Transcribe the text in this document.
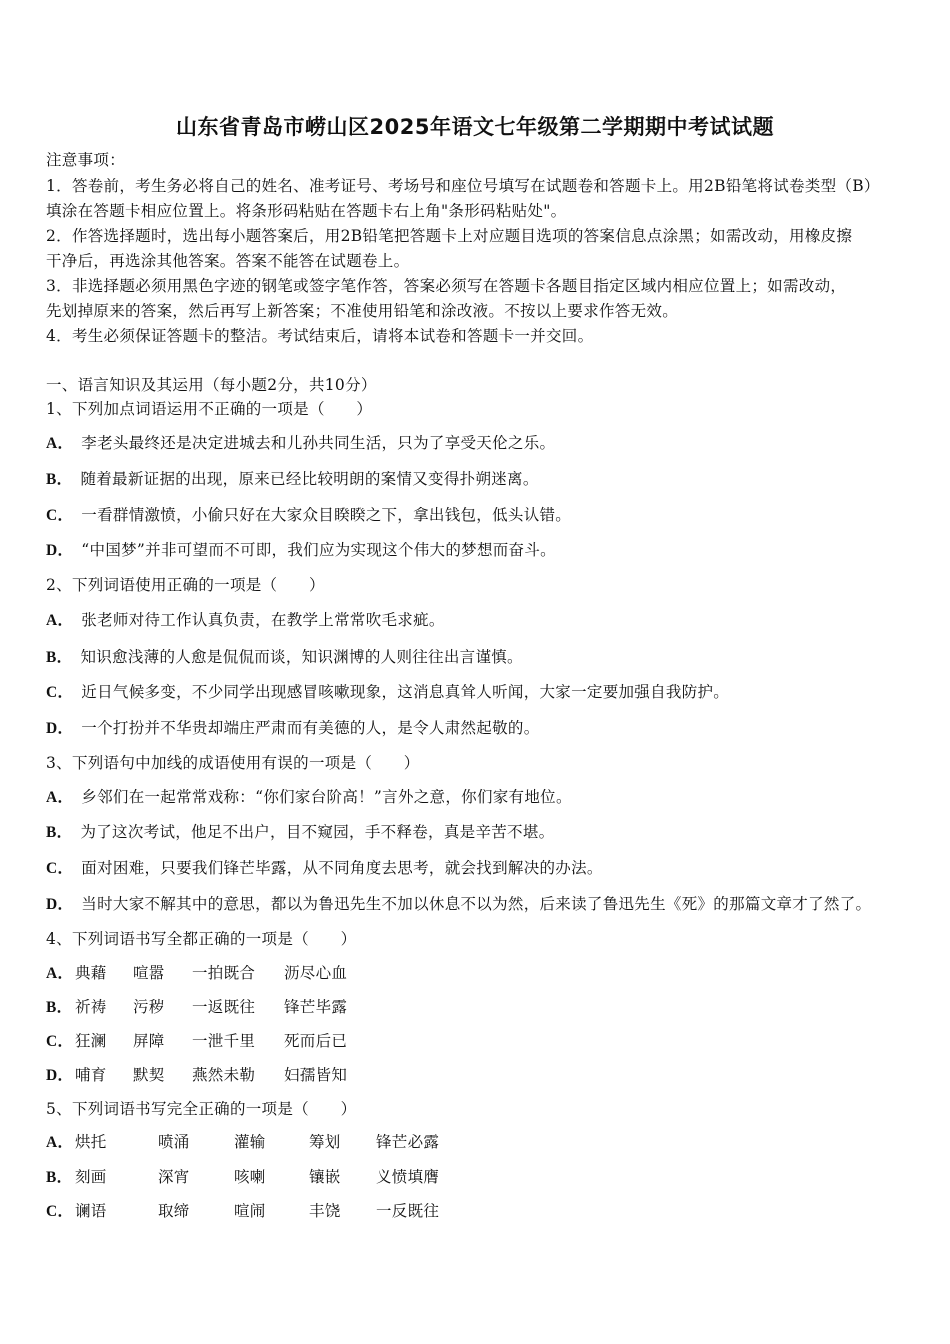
山东省青岛市崂山区2025年语文七年级第二学期期中考试试题
注意事项：
1．答卷前，考生务必将自己的姓名、准考证号、考场号和座位号填写在试题卷和答题卡上。用2B铅笔将试卷类型（B）
填涂在答题卡相应位置上。将条形码粘贴在答题卡右上角"条形码粘贴处"。
2．作答选择题时，选出每小题答案后，用2B铅笔把答题卡上对应题目选项的答案信息点涂黑；如需改动，用橡皮擦
干净后，再选涂其他答案。答案不能答在试题卷上。
3．非选择题必须用黑色字迹的钢笔或签字笔作答，答案必须写在答题卡各题目指定区域内相应位置上；如需改动，
先划掉原来的答案，然后再写上新答案；不准使用铅笔和涂改液。不按以上要求作答无效。
4．考生必须保证答题卡的整洁。考试结束后，请将本试卷和答题卡一并交回。
一、语言知识及其运用（每小题2分，共10分）
1、下列加点词语运用不正确的一项是（　　）
A． 李老头最终还是决定进城去和儿孙共同生活，只为了享受天伦之乐。
B． 随着最新证据的出现，原来已经比较明朗的案情又变得扑朔迷离。
C． 一看群情激愤，小偷只好在大家众目睽睽之下，拿出钱包，低头认错。
D． “中国梦”并非可望而不可即，我们应为实现这个伟大的梦想而奋斗。
2、下列词语使用正确的一项是（　　）
A． 张老师对待工作认真负责，在教学上常常吹毛求疵。
B． 知识愈浅薄的人愈是侃侃而谈，知识渊博的人则往往出言谨慎。
C． 近日气候多变，不少同学出现感冒咳嗽现象，这消息真耸人听闻，大家一定要加强自我防护。
D． 一个打扮并不华贵却端庄严肃而有美德的人，是令人肃然起敬的。
3、下列语句中加线的成语使用有误的一项是（　　）
A． 乡邻们在一起常常戏称：“你们家台阶高！”言外之意，你们家有地位。
B． 为了这次考试，他足不出户，目不窥园，手不释卷，真是辛苦不堪。
C． 面对困难，只要我们锋芒毕露，从不同角度去思考，就会找到解决的办法。
D． 当时大家不解其中的意思，都以为鲁迅先生不加以休息不以为然，后来读了鲁迅先生《死》的那篇文章才了然了。
4、下列词语书写全都正确的一项是（　　）
A． 典藉 喧嚣 一拍既合 沥尽心血
B． 祈祷 污秽 一返既往 锋芒毕露
C． 狂澜 屏障 一泄千里 死而后已
D． 哺育 默契 燕然未勒 妇孺皆知
5、下列词语书写完全正确的一项是（　　）
A． 烘托	喷涌	灌输	筹划 锋芒必露
B． 刻画	深宵	咳喇	镶嵌 义愤填膺
C． 谰语	取缔	喧闹	丰饶 一反既往
